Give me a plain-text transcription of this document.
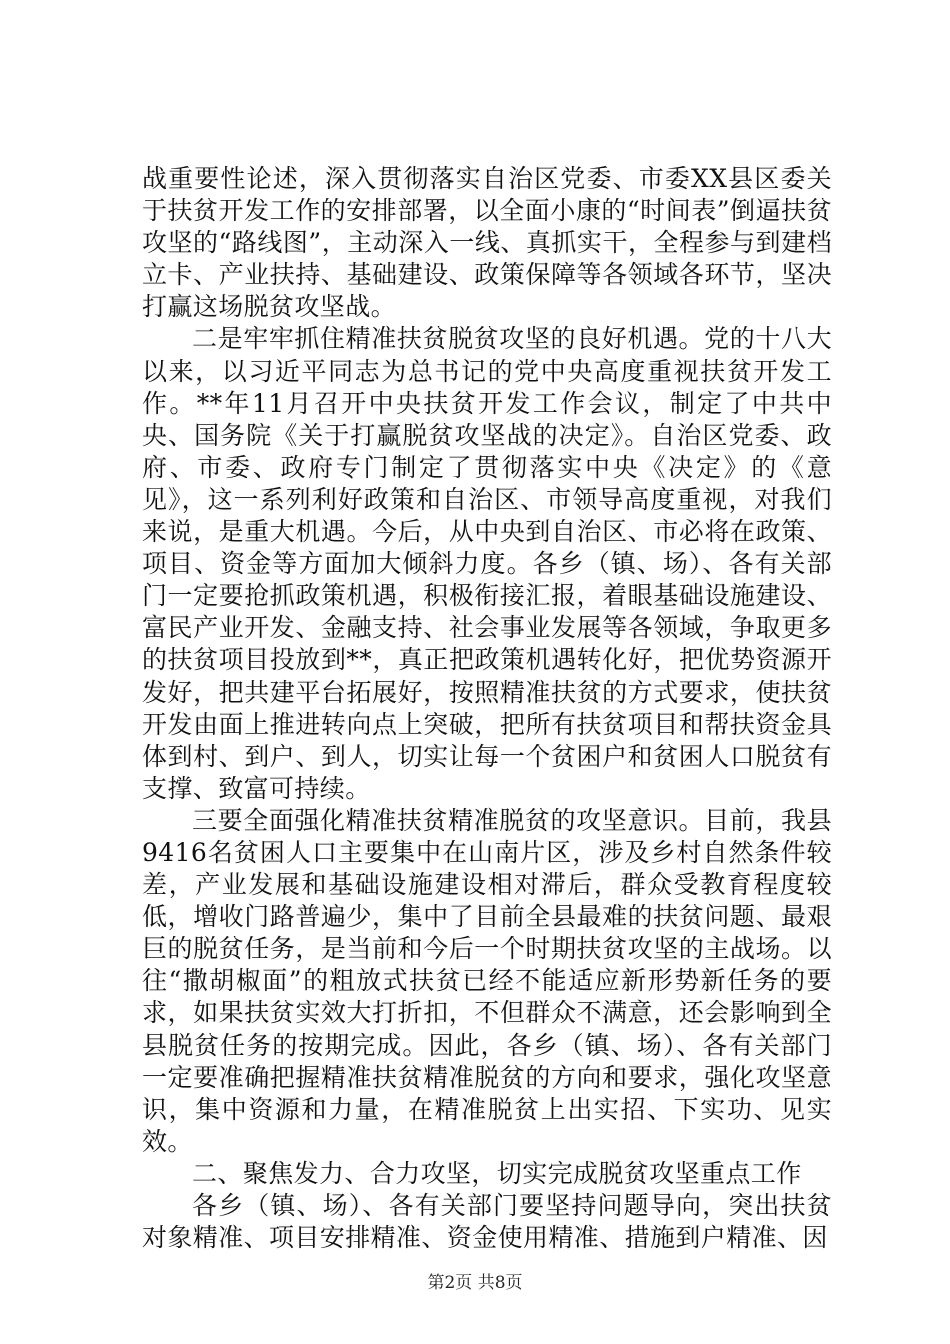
战重要性论述，深入贯彻落实自治区党委、市委XX县区委关于扶贫开发工作的安排部署，以全面小康的“时间表”倒逼扶贫攻坚的“路线图”，主动深入一线、真抓实干，全程参与到建档立卡、产业扶持、基础建设、政策保障等各领域各环节，坚决打赢这场脱贫攻坚战。

二是牢牢抓住精准扶贫脱贫攻坚的良好机遇。党的十八大以来，以习近平同志为总书记的党中央高度重视扶贫开发工作。**年11月召开中央扶贫开发工作会议，制定了中共中央、国务院《关于打赢脱贫攻坚战的决定》。自治区党委、政府、市委、政府专门制定了贯彻落实中央《决定》的《意见》，这一系列利好政策和自治区、市领导高度重视，对我们来说，是重大机遇。今后，从中央到自治区、市必将在政策、项目、资金等方面加大倾斜力度。各乡（镇、场）、各有关部门一定要抢抓政策机遇，积极衔接汇报，着眼基础设施建设、富民产业开发、金融支持、社会事业发展等各领域，争取更多的扶贫项目投放到**，真正把政策机遇转化好，把优势资源开发好，把共建平台拓展好，按照精准扶贫的方式要求，使扶贫开发由面上推进转向点上突破，把所有扶贫项目和帮扶资金具体到村、到户、到人，切实让每一个贫困户和贫困人口脱贫有支撑、致富可持续。

三要全面强化精准扶贫精准脱贫的攻坚意识。目前，我县9416名贫困人口主要集中在山南片区，涉及乡村自然条件较差，产业发展和基础设施建设相对滞后，群众受教育程度较低，增收门路普遍少，集中了目前全县最难的扶贫问题、最艰巨的脱贫任务，是当前和今后一个时期扶贫攻坚的主战场。以往“撒胡椒面”的粗放式扶贫已经不能适应新形势新任务的要求，如果扶贫实效大打折扣，不但群众不满意，还会影响到全县脱贫任务的按期完成。因此，各乡（镇、场）、各有关部门一定要准确把握精准扶贫精准脱贫的方向和要求，强化攻坚意识，集中资源和力量，在精准脱贫上出实招、下实功、见实效。

二、聚焦发力、合力攻坚，切实完成脱贫攻坚重点工作

各乡（镇、场）、各有关部门要坚持问题导向，突出扶贫对象精准、项目安排精准、资金使用精准、措施到户精准、因

第2页 共8页
